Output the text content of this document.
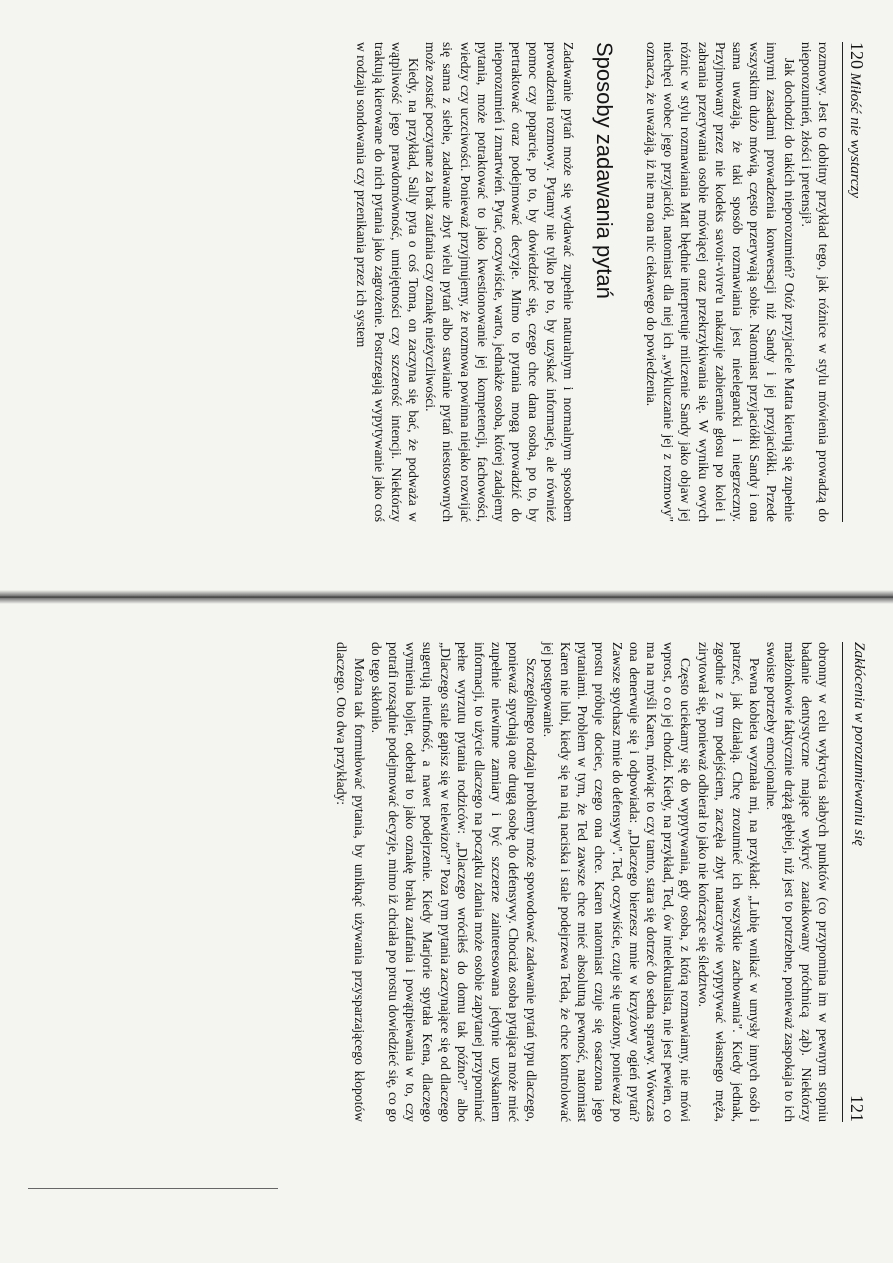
120 Miłość nie wystarczy

rozmowy. Jest to dobitny przykład tego, jak różnice w stylu mówienia prowadzą do nieporozumień, złości i pretensji³.

Jak dochodzi do takich nieporozumień? Otóż przyjaciele Matta kierują się zupełnie innymi zasadami prowadzenia konwersacji niż Sandy i jej przyjaciółki. Przede wszystkim dużo mówią, często przerywają sobie. Natomiast przyjaciółki Sandy i ona sama uważają, że taki sposób rozmawiania jest nieelegancki i niegrzeczny. Przyjmowany przez nie kodeks savoir-vivre'u nakazuje zabieranie głosu po kolei i zabrania przerywania osobie mówiącej oraz przekrzykiwania się. W wyniku owych różnic w stylu rozmawiania Matt błędnie interpretuje milczenie Sandy jako objaw jej niechęci wobec jego przyjaciół, natomiast dla niej ich „wykluczanie jej z rozmowy" oznacza, że uważają, iż nie ma ona nic ciekawego do powiedzenia.

Sposoby zadawania pytań

Zadawanie pytań może się wydawać zupełnie naturalnym i normalnym sposobem prowadzenia rozmowy. Pytamy nie tylko po to, by uzyskać informacje, ale również pomoc czy poparcie, po to, by dowiedzieć się, czego chce dana osoba, po to, by pertraktować oraz podejmować decyzje. Mimo to pytania mogą prowadzić do nieporozumień i zmartwień. Pytać, oczywiście, warto, jednakże osoba, której zadajemy pytania, może potraktować to jako kwestionowanie jej kompetencji, fachowości, wiedzy czy uczciwości. Ponieważ przyjmujemy, że rozmowa powinna niejako rozwijać się sama z siebie, zadawanie zbyt wielu pytań albo stawianie pytań niestosownych może zostać poczytane za brak zaufania czy oznakę nieżyczliwości.

Kiedy, na przykład, Sally pyta o coś Toma, on zaczyna się bać, że podważa w wątpliwość jego prawdomówność, umiejętności czy szczerość intencji. Niektórzy traktują kierowane do nich pytania jako zagrożenie. Postrzegają wypytywanie jako coś w rodzaju sondowania czy przenikania przez ich system

Zakłócenia w porozumiewaniu się
121

obronny w celu wykrycia słabych punktów (co przypomina im w pewnym stopniu badanie dentystyczne mające wykryć zaatakowany próchnicą ząb). Niektórzy małżonkowie faktycznie drążą głębiej, niż jest to potrzebne, ponieważ zaspokaja to ich swoiste potrzeby emocjonalne.

Pewna kobieta wyznała mi, na przykład: „Lubię wnikać w umysły innych osób i patrzeć, jak działają. Chcę zrozumieć ich wszystkie zachowania". Kiedy jednak, zgodnie z tym podejściem, zaczęła zbyt natarczywie wypytywać własnego męża, zirytował się, ponieważ odbierał to jako nie kończące się śledztwo.

Często uciekamy się do wypytywania, gdy osoba, z którą rozmawiamy, nie mówi wprost, o co jej chodzi. Kiedy, na przykład, Ted, ów intelektualista, nie jest pewien, co ma na myśli Karen, mówiąc to czy tamto, stara się dotrzeć do sedna sprawy. Wówczas ona denerwuje się i odpowiada: „Dlaczego bierzesz mnie w krzyżowy ogień pytań? Zawsze spychasz mnie do defensywy". Ted, oczywiście, czuje się urażony, ponieważ po prostu próbuje dociec, czego ona chce. Karen natomiast czuje się osaczona jego pytaniami. Problem w tym, że Ted zawsze chce mieć absolutną pewność, natomiast Karen nie lubi, kiedy się na nią naciska i stale podejrzewa Teda, że chce kontrolować jej postępowanie.

Szczególnego rodzaju problemy może spowodować zadawanie pytań typu dlaczego, ponieważ spychają one drugą osobę do defensywy. Chociaż osoba pytająca może mieć zupełnie niewinne zamiary i być szczerze zainteresowana jedynie uzyskaniem informacji, to użycie dlaczego na początku zdania może osobie zapytanej przypominać pełne wyrzutu pytania rodziców: „Dlaczego wróciłeś do domu tak późno?" albo „Dlaczego stale gapisz się w telewizor?" Poza tym pytania zaczynające się od dlaczego sugerują nieufność, a nawet podejrzenie. Kiedy Marjorie spytała Kena, dlaczego wymienia bojler, odebrał to jako oznakę braku zaufania i powątpiewania w to, czy potrafi rozsądnie podejmować decyzje, mimo iż chciała po prostu dowiedzieć się, co go do tego skłoniło.

Można tak formułować pytania, by uniknąć używania przysparzającego kłopotów dlaczego. Oto dwa przykłady:
